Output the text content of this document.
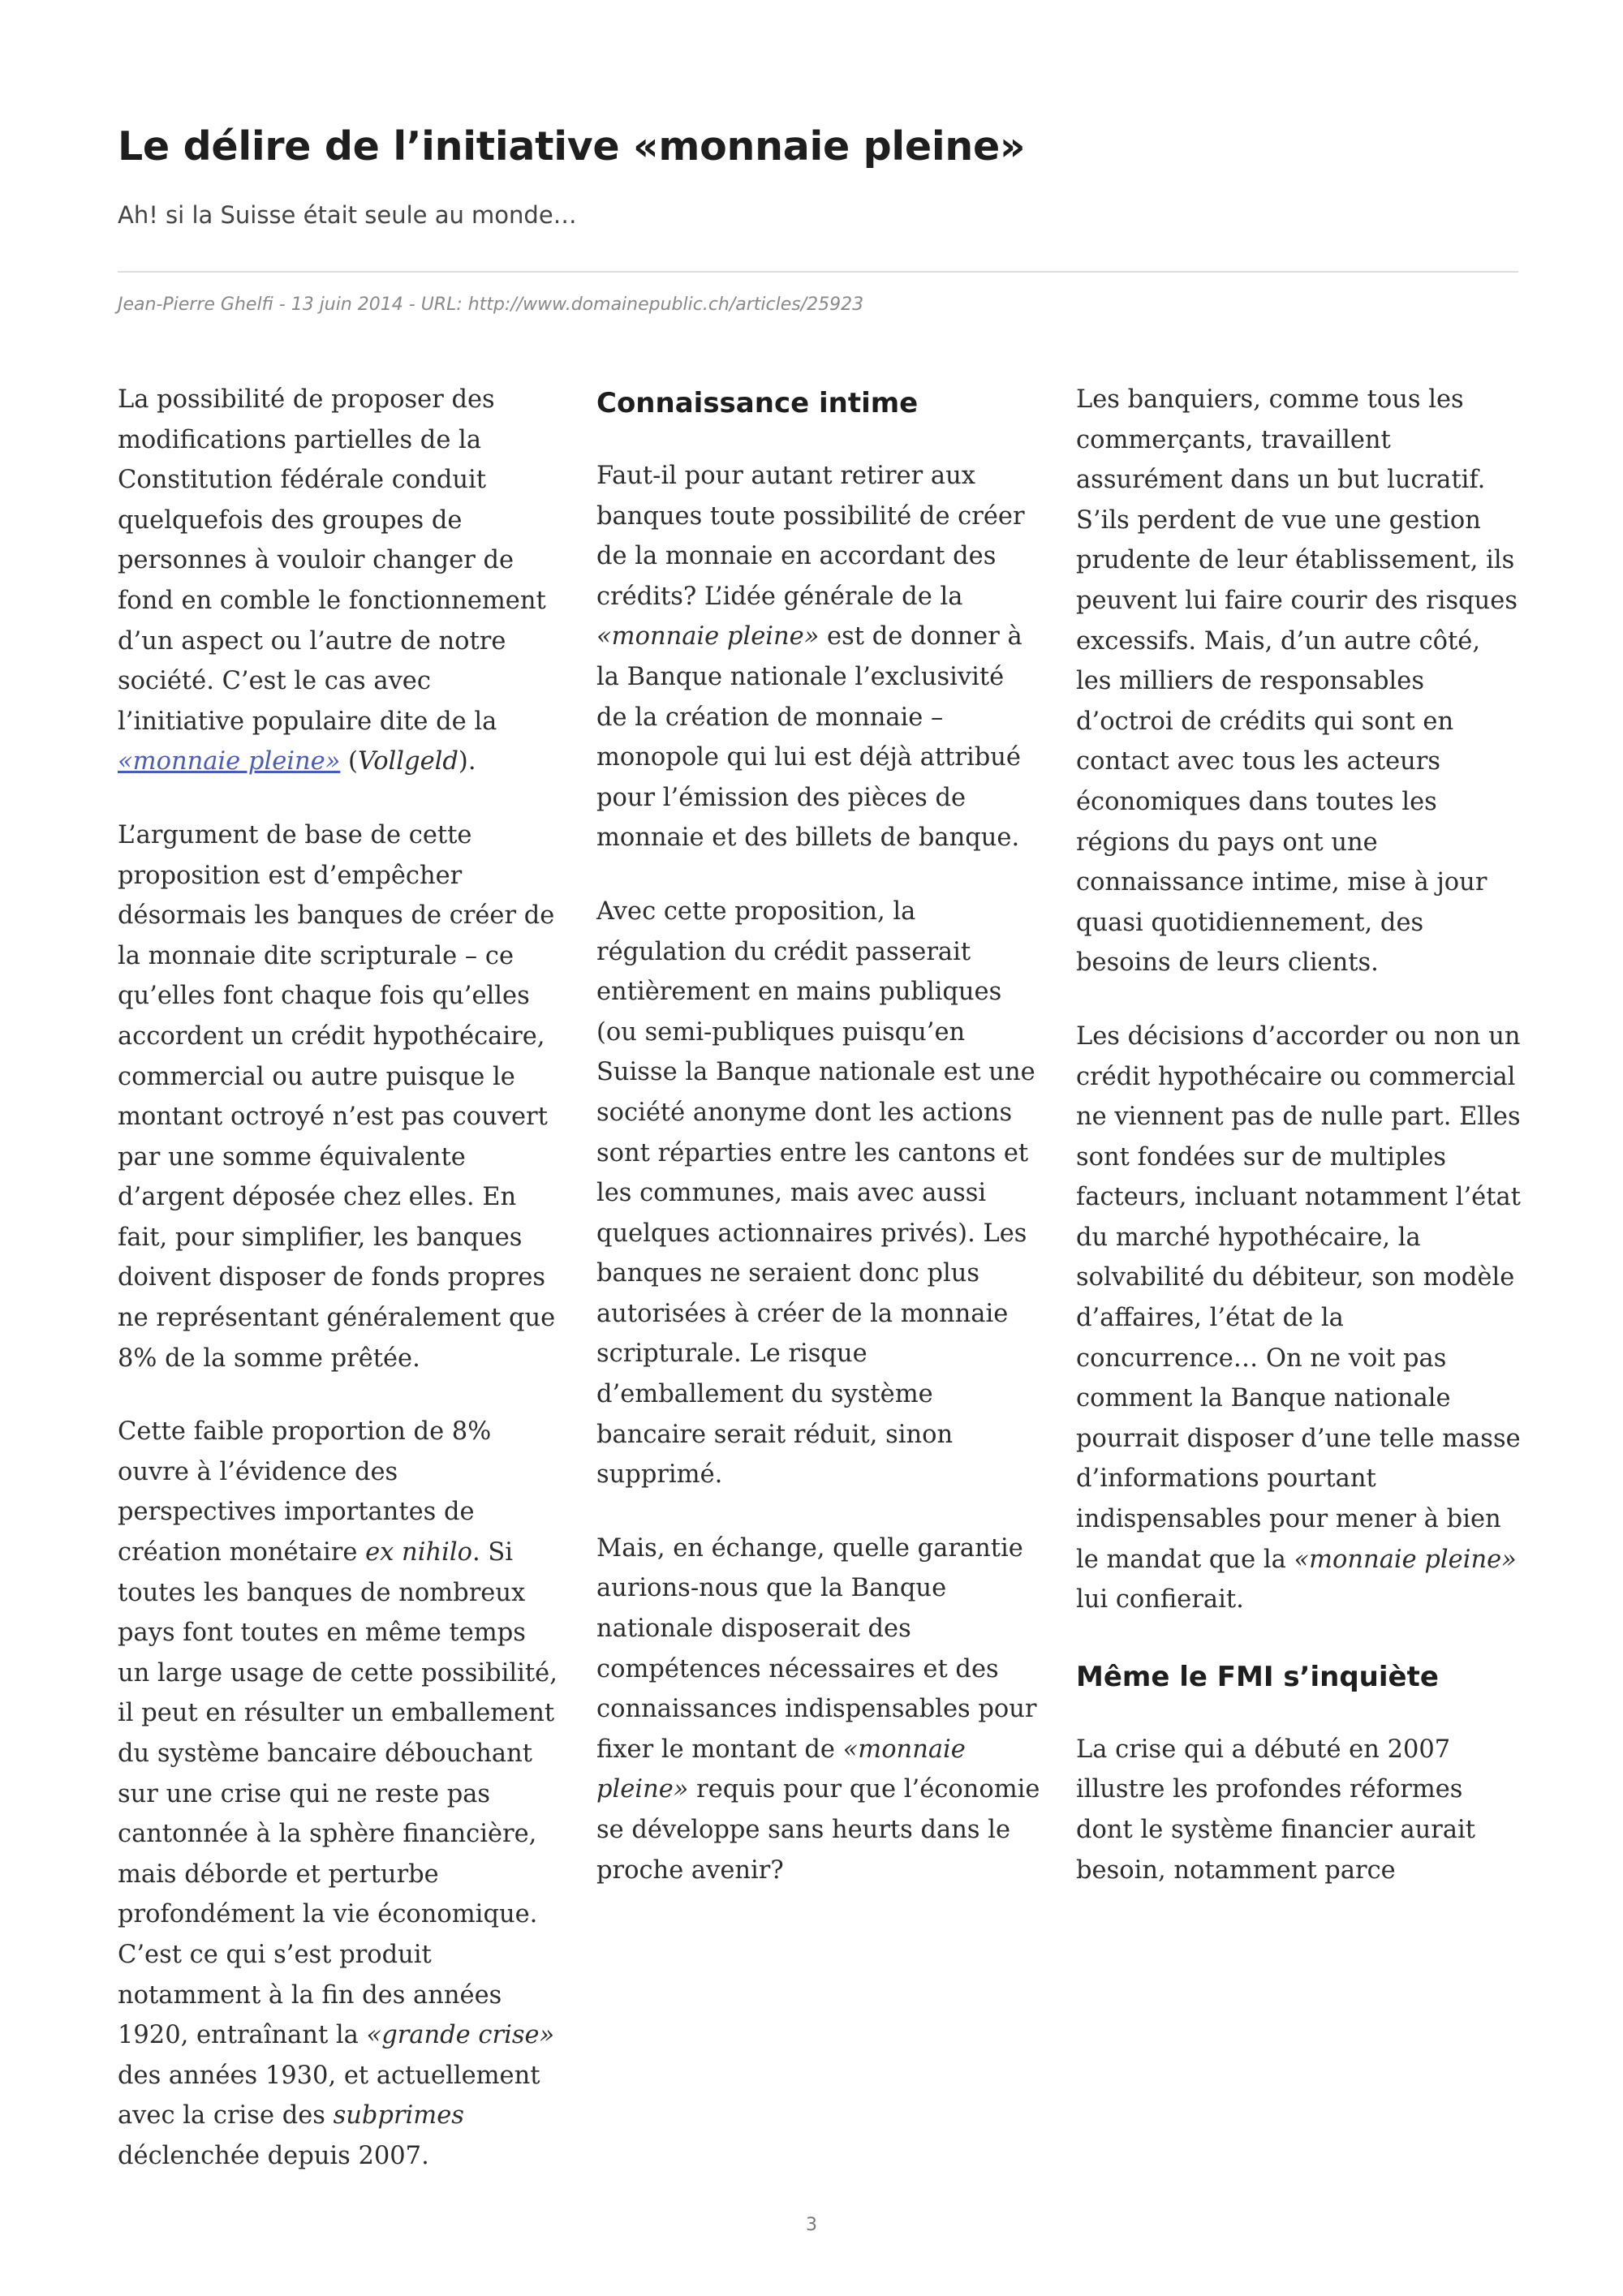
Le délire de l’initiative «monnaie pleine»

Ah! si la Suisse était seule au monde…

Jean-Pierre Ghelfi - 13 juin 2014 - URL: http://www.domainepublic.ch/articles/25923

La possibilité de proposer des modifications partielles de la Constitution fédérale conduit quelquefois des groupes de personnes à vouloir changer de fond en comble le fonctionnement d’un aspect ou l’autre de notre société. C’est le cas avec l’initiative populaire dite de la «monnaie pleine» (Vollgeld).

L’argument de base de cette proposition est d’empêcher désormais les banques de créer de la monnaie dite scripturale – ce qu’elles font chaque fois qu’elles accordent un crédit hypothécaire, commercial ou autre puisque le montant octroyé n’est pas couvert par une somme équivalente d’argent déposée chez elles. En fait, pour simplifier, les banques doivent disposer de fonds propres ne représentant généralement que 8% de la somme prêtée.

Cette faible proportion de 8% ouvre à l’évidence des perspectives importantes de création monétaire ex nihilo. Si toutes les banques de nombreux pays font toutes en même temps un large usage de cette possibilité, il peut en résulter un emballement du système bancaire débouchant sur une crise qui ne reste pas cantonnée à la sphère financière, mais déborde et perturbe profondément la vie économique. C’est ce qui s’est produit notamment à la fin des années 1920, entraînant la «grande crise» des années 1930, et actuellement avec la crise des subprimes déclenchée depuis 2007.

Connaissance intime

Faut-il pour autant retirer aux banques toute possibilité de créer de la monnaie en accordant des crédits? L’idée générale de la «monnaie pleine» est de donner à la Banque nationale l’exclusivité de la création de monnaie – monopole qui lui est déjà attribué pour l’émission des pièces de monnaie et des billets de banque.

Avec cette proposition, la régulation du crédit passerait entièrement en mains publiques (ou semi-publiques puisqu’en Suisse la Banque nationale est une société anonyme dont les actions sont réparties entre les cantons et les communes, mais avec aussi quelques actionnaires privés). Les banques ne seraient donc plus autorisées à créer de la monnaie scripturale. Le risque d’emballement du système bancaire serait réduit, sinon supprimé.

Mais, en échange, quelle garantie aurions-nous que la Banque nationale disposerait des compétences nécessaires et des connaissances indispensables pour fixer le montant de «monnaie pleine» requis pour que l’économie se développe sans heurts dans le proche avenir?

Les banquiers, comme tous les commerçants, travaillent assurément dans un but lucratif. S’ils perdent de vue une gestion prudente de leur établissement, ils peuvent lui faire courir des risques excessifs. Mais, d’un autre côté, les milliers de responsables d’octroi de crédits qui sont en contact avec tous les acteurs économiques dans toutes les régions du pays ont une connaissance intime, mise à jour quasi quotidiennement, des besoins de leurs clients.

Les décisions d’accorder ou non un crédit hypothécaire ou commercial ne viennent pas de nulle part. Elles sont fondées sur de multiples facteurs, incluant notamment l’état du marché hypothécaire, la solvabilité du débiteur, son modèle d’affaires, l’état de la concurrence… On ne voit pas comment la Banque nationale pourrait disposer d’une telle masse d’informations pourtant indispensables pour mener à bien le mandat que la «monnaie pleine» lui confierait.

Même le FMI s’inquiète

La crise qui a débuté en 2007 illustre les profondes réformes dont le système financier aurait besoin, notamment parce

3
